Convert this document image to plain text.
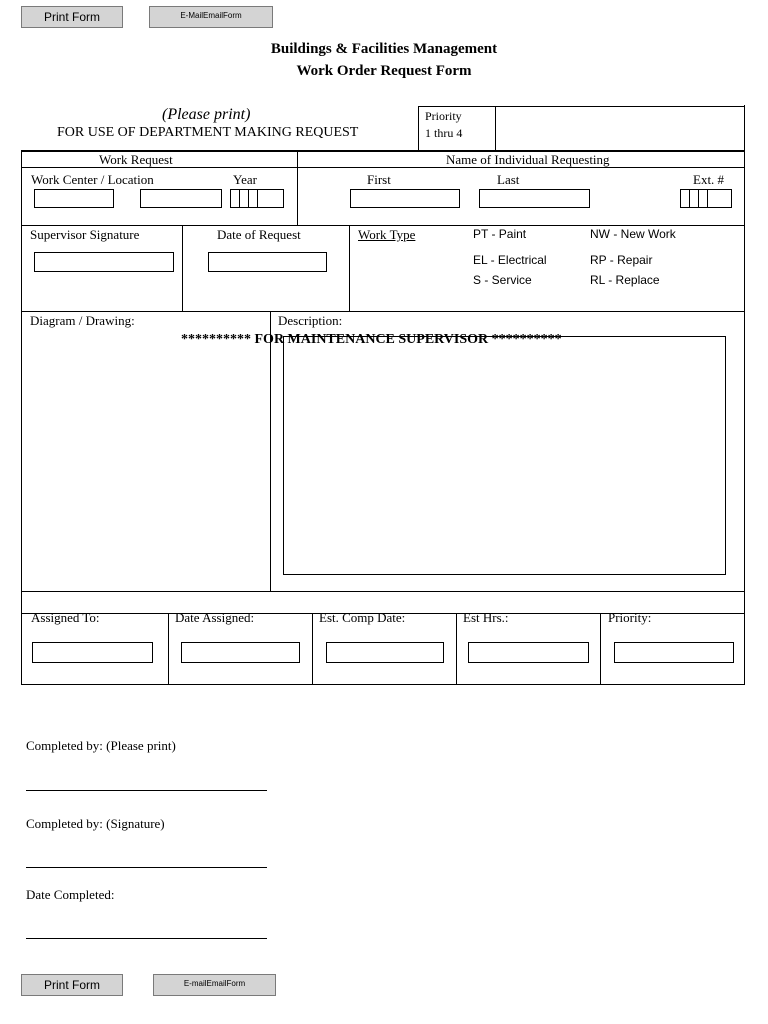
Print Form	E-MailEmailForm
Buildings & Facilities Management
Work Order Request Form
(Please print)
FOR USE OF DEPARTMENT MAKING REQUEST
Priority
1 thru 4
Work Request	Name of Individual Requesting
Work Center / Location	Year	First	Last	Ext. #
Supervisor Signature	Date of Request	Work Type	PT - Paint	NW - New Work
EL - Electrical	RP - Repair
S - Service	RL - Replace
Diagram / Drawing:	Description:
********** FOR MAINTENANCE SUPERVISOR **********
Assigned To:	Date Assigned:	Est. Comp Date:	Est Hrs.:	Priority:
Completed by: (Please print)
Completed by: (Signature)
Date Completed:
Print Form	E-mailEmailForm
